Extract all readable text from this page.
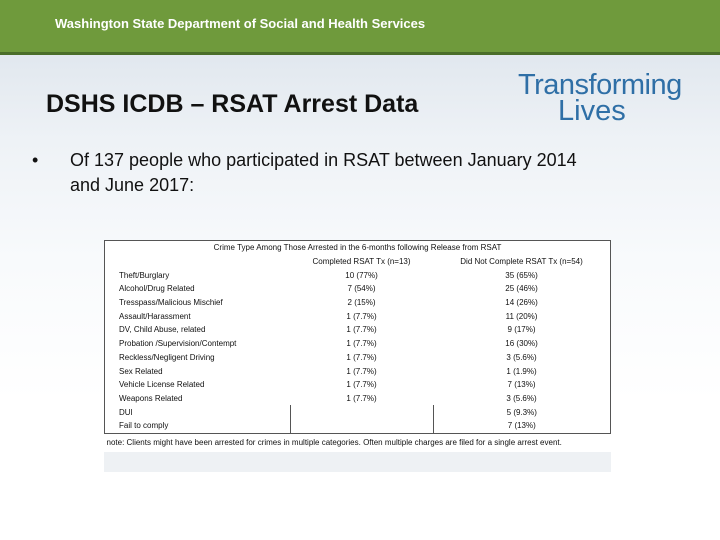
Washington State Department of Social and Health Services
DSHS ICDB – RSAT Arrest Data
Transforming
Lives
•	Of 137 people who participated in RSAT between January 2014 and June 2017:
Crime Type Among Those Arrested in the 6-months following Release from RSAT		
	Completed RSAT Tx (n=13)	Did Not Complete RSAT Tx (n=54)
Theft/Burglary	10 (77%)	35 (65%)
Alcohol/Drug Related	7 (54%)	25 (46%)
Tresspass/Malicious Mischief	2 (15%)	14 (26%)
Assault/Harassment	1 (7.7%)	11 (20%)
DV, Child Abuse, related	1 (7.7%)	9 (17%)
Probation /Supervision/Contempt	1 (7.7%)	16 (30%)
Reckless/Negligent Driving	1 (7.7%)	3 (5.6%)
Sex Related	1 (7.7%)	1 (1.9%)
Vehicle License Related	1 (7.7%)	7 (13%)
Weapons Related	1 (7.7%)	3 (5.6%)
DUI		5 (9.3%)
Fail to comply		7 (13%)
note: Clients might have been arrested for crimes in multiple categories. Often multiple charges are filed for a single arrest event.		
